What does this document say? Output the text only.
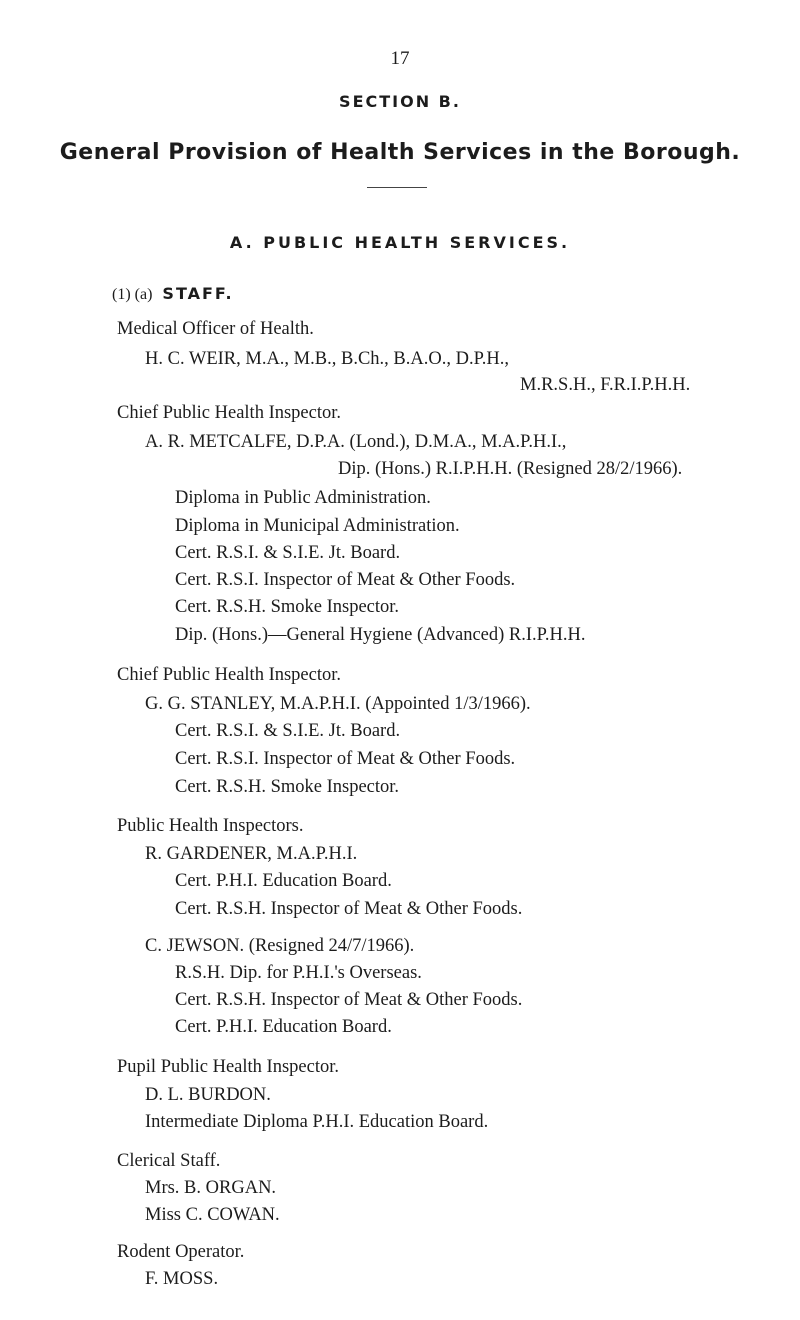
17
SECTION B.
General Provision of Health Services in the Borough.
A. PUBLIC HEALTH SERVICES.
(1) (a) STAFF.
Medical Officer of Health.
H. C. WEIR, M.A., M.B., B.Ch., B.A.O., D.P.H.,
M.R.S.H., F.R.I.P.H.H.
Chief Public Health Inspector.
A. R. METCALFE, D.P.A. (Lond.), D.M.A., M.A.P.H.I.,
Dip. (Hons.) R.I.P.H.H. (Resigned 28/2/1966).
Diploma in Public Administration.
Diploma in Municipal Administration.
Cert. R.S.I. & S.I.E. Jt. Board.
Cert. R.S.I. Inspector of Meat & Other Foods.
Cert. R.S.H. Smoke Inspector.
Dip. (Hons.)—General Hygiene (Advanced) R.I.P.H.H.
Chief Public Health Inspector.
G. G. STANLEY, M.A.P.H.I. (Appointed 1/3/1966).
Cert. R.S.I. & S.I.E. Jt. Board.
Cert. R.S.I. Inspector of Meat & Other Foods.
Cert. R.S.H. Smoke Inspector.
Public Health Inspectors.
R. GARDENER, M.A.P.H.I.
Cert. P.H.I. Education Board.
Cert. R.S.H. Inspector of Meat & Other Foods.
C. JEWSON. (Resigned 24/7/1966).
R.S.H. Dip. for P.H.I.'s Overseas.
Cert. R.S.H. Inspector of Meat & Other Foods.
Cert. P.H.I. Education Board.
Pupil Public Health Inspector.
D. L. BURDON.
Intermediate Diploma P.H.I. Education Board.
Clerical Staff.
Mrs. B. ORGAN.
Miss C. COWAN.
Rodent Operator.
F. MOSS.
